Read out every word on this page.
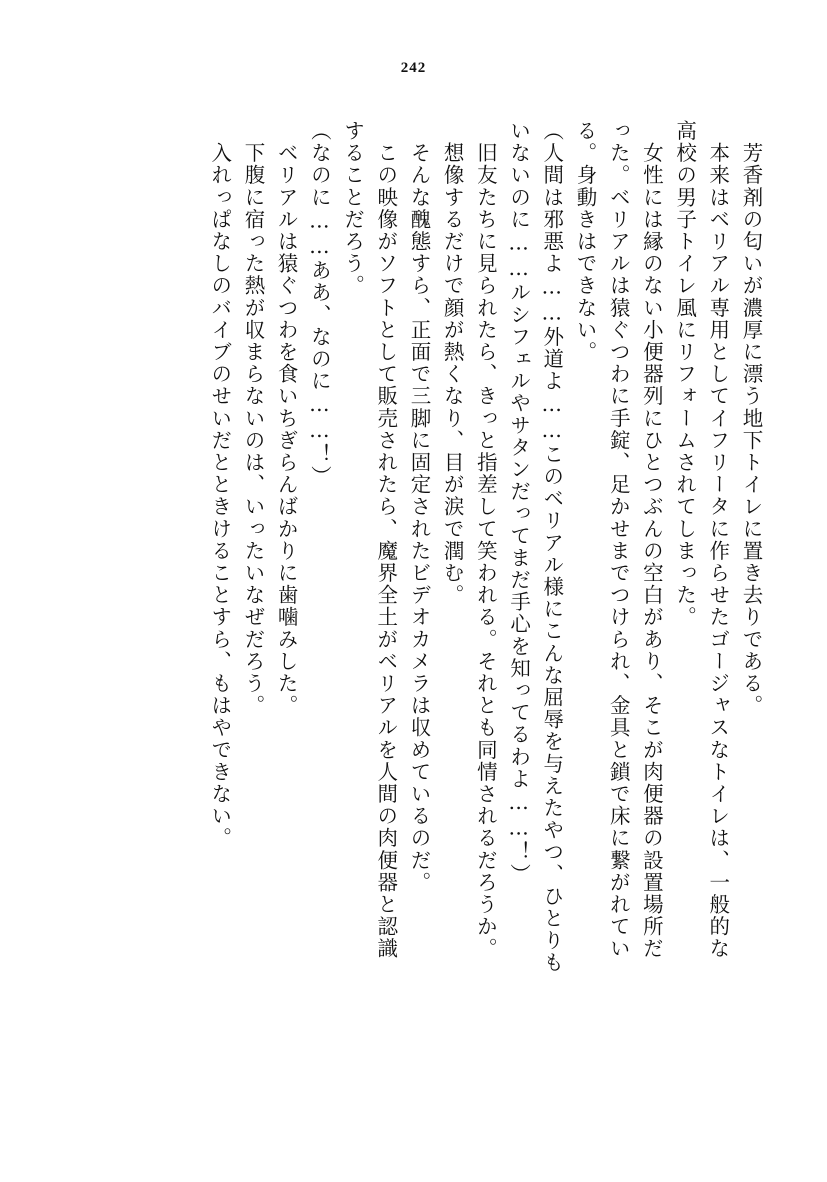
242
　芳香剤の匂いが濃厚に漂う地下トイレに置き去りである。
　本来はベリアル専用としてイフリータに作らせたゴージャスなトイレは、一般的な
高校の男子トイレ風にリフォームされてしまった。
　女性には縁のない小便器列にひとつぶんの空白があり、そこが肉便器の設置場所だ
った。ベリアルは猿ぐつわに手錠、足かせまでつけられ、金具と鎖で床に繋がれてい
る。身動きはできない。
（人間は邪悪よ……外道よ……このベリアル様にこんな屈辱を与えたやつ、ひとりも
いないのに……ルシフェルやサタンだってまだ手心を知ってるわよ……！）
　旧友たちに見られたら、きっと指差して笑われる。それとも同情されるだろうか。
　想像するだけで顔が熱くなり、目が涙で潤む。
　そんな醜態すら、正面で三脚に固定されたビデオカメラは収めているのだ。
　この映像がソフトとして販売されたら、魔界全土がベリアルを人間の肉便器と認識
することだろう。
（なのに……ああ、なのに……！）
　ベリアルは猿ぐつわを食いちぎらんばかりに歯噛みした。
　下腹に宿った熱が収まらないのは、いったいなぜだろう。
　入れっぱなしのバイブのせいだとときけることすら、もはやできない。
